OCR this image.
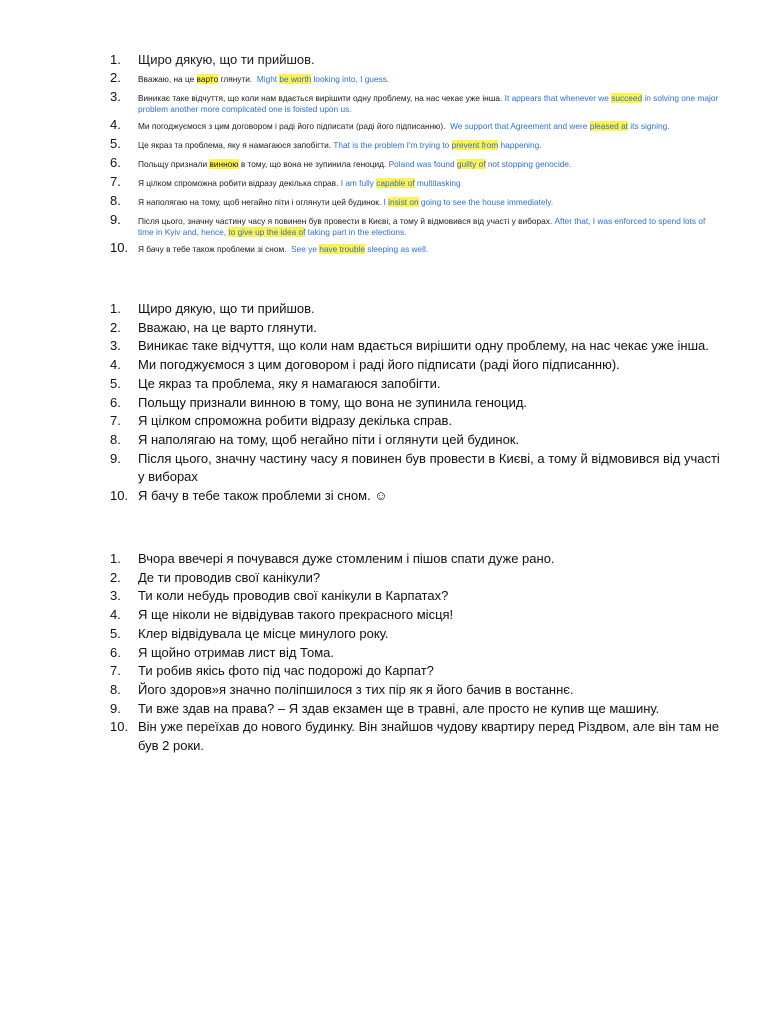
1.	Щиро дякую, що ти прийшов.
2.	Вважаю, на це варто глянути. Might be worth looking into, I guess.
3.	Виникає таке відчуття, що коли нам вдається вирішити одну проблему, на нас чекає уже інша. It appears that whenever we succeed in solving one major problem another more complicated one is foisted upon us.
4.	Ми погоджуємося з цим договором і раді його підписати (раді його підписанню). We support that Agreement and were pleased at its signing.
5.	Це якраз та проблема, яку я намагаюся запобігти. That is the problem I'm trying to prevent from happening.
6.	Польщу признали винною в тому, що вона не зупинила геноцид. Poland was found guilty of not stopping genocide.
7.	Я цілком спроможна робити відразу декілька справ. I am fully capable of multitasking
8.	Я наполягаю на тому, щоб негайно піти і оглянути цей будинок. I insist on going to see the house immediately.
9.	Після цього, значну частину часу я повинен був провести в Києві, а тому й відмовився від участі у виборах. After that, I was enforced to spend lots of time in Kyiv and, hence, to give up the idea of taking part in the elections.
10.	Я бачу в тебе також проблеми зі сном. See ye have trouble sleeping as well.
1.	Щиро дякую, що ти прийшов.
2.	Вважаю, на це варто глянути.
3.	Виникає таке відчуття, що коли нам вдається вирішити одну проблему, на нас чекає уже інша.
4.	Ми погоджуємося з цим договором і раді його підписати (раді його підписанню).
5.	Це якраз та проблема, яку я намагаюся запобігти.
6.	Польщу признали винною в тому, що вона не зупинила геноцид.
7.	Я цілком спроможна робити відразу декілька справ.
8.	Я наполягаю на тому, щоб негайно піти і оглянути цей будинок.
9.	Після цього, значну частину часу я повинен був провести в Києві, а тому й відмовився від участі у виборах
10. Я бачу в тебе також проблеми зі сном. ☺
1.	Вчора ввечері я почувався дуже стомленим і пішов спати дуже рано.
2.	Де ти проводив свої канікули?
3.	Ти коли небудь проводив свої канікули в Карпатах?
4.	Я ще ніколи не відвідував такого прекрасного місця!
5.	Клер відвідувала це місце минулого року.
6.	Я щойно отримав лист від Тома.
7.	Ти робив якісь фото під час подорожі до Карпат?
8.	Його здоров»я значно поліпшилося з тих пір як я його бачив в востаннє.
9.	Ти вже здав на права? – Я здав екзамен ще в травні, але просто не купив ще машину.
10. Він уже переїхав до нового будинку. Він знайшов чудову квартиру перед Різдвом, але він там не був 2 роки.
